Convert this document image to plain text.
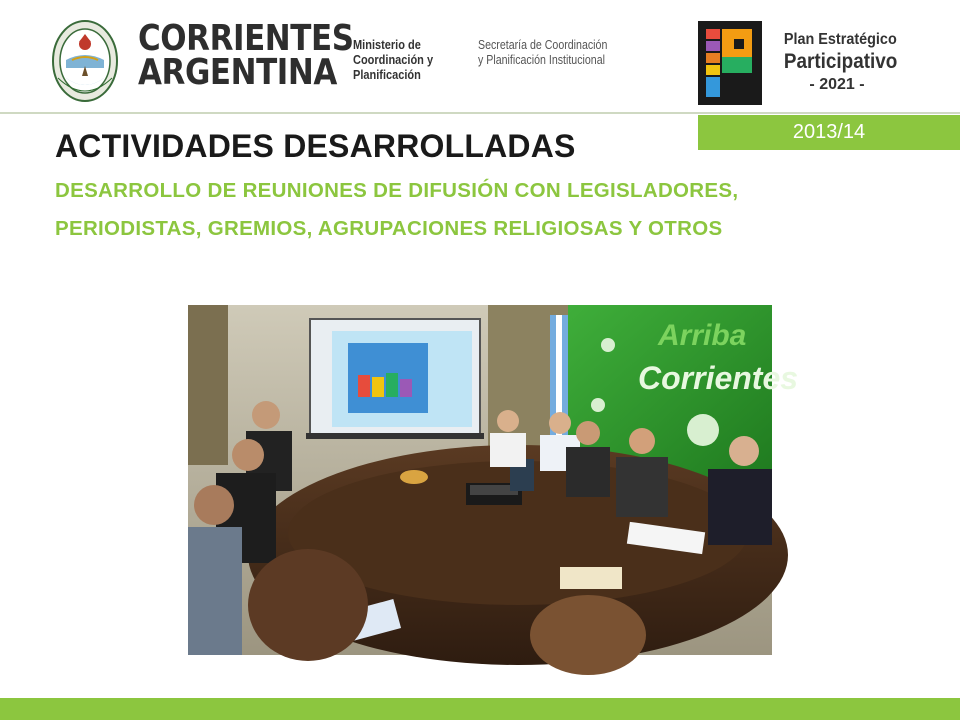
CORRIENTES
ARGENTINA
Ministerio de
Coordinación y
Planificación
Secretaría de Coordinación
y Planificación Institucional
Plan Estratégico
Participativo
- 2021 -
2013/14
ACTIVIDADES DESARROLLADAS
DESARROLLO DE REUNIONES DE DIFUSIÓN CON LEGISLADORES, PERIODISTAS, GREMIOS, AGRUPACIONES RELIGIOSAS Y OTROS
Arriba
Corrientes
